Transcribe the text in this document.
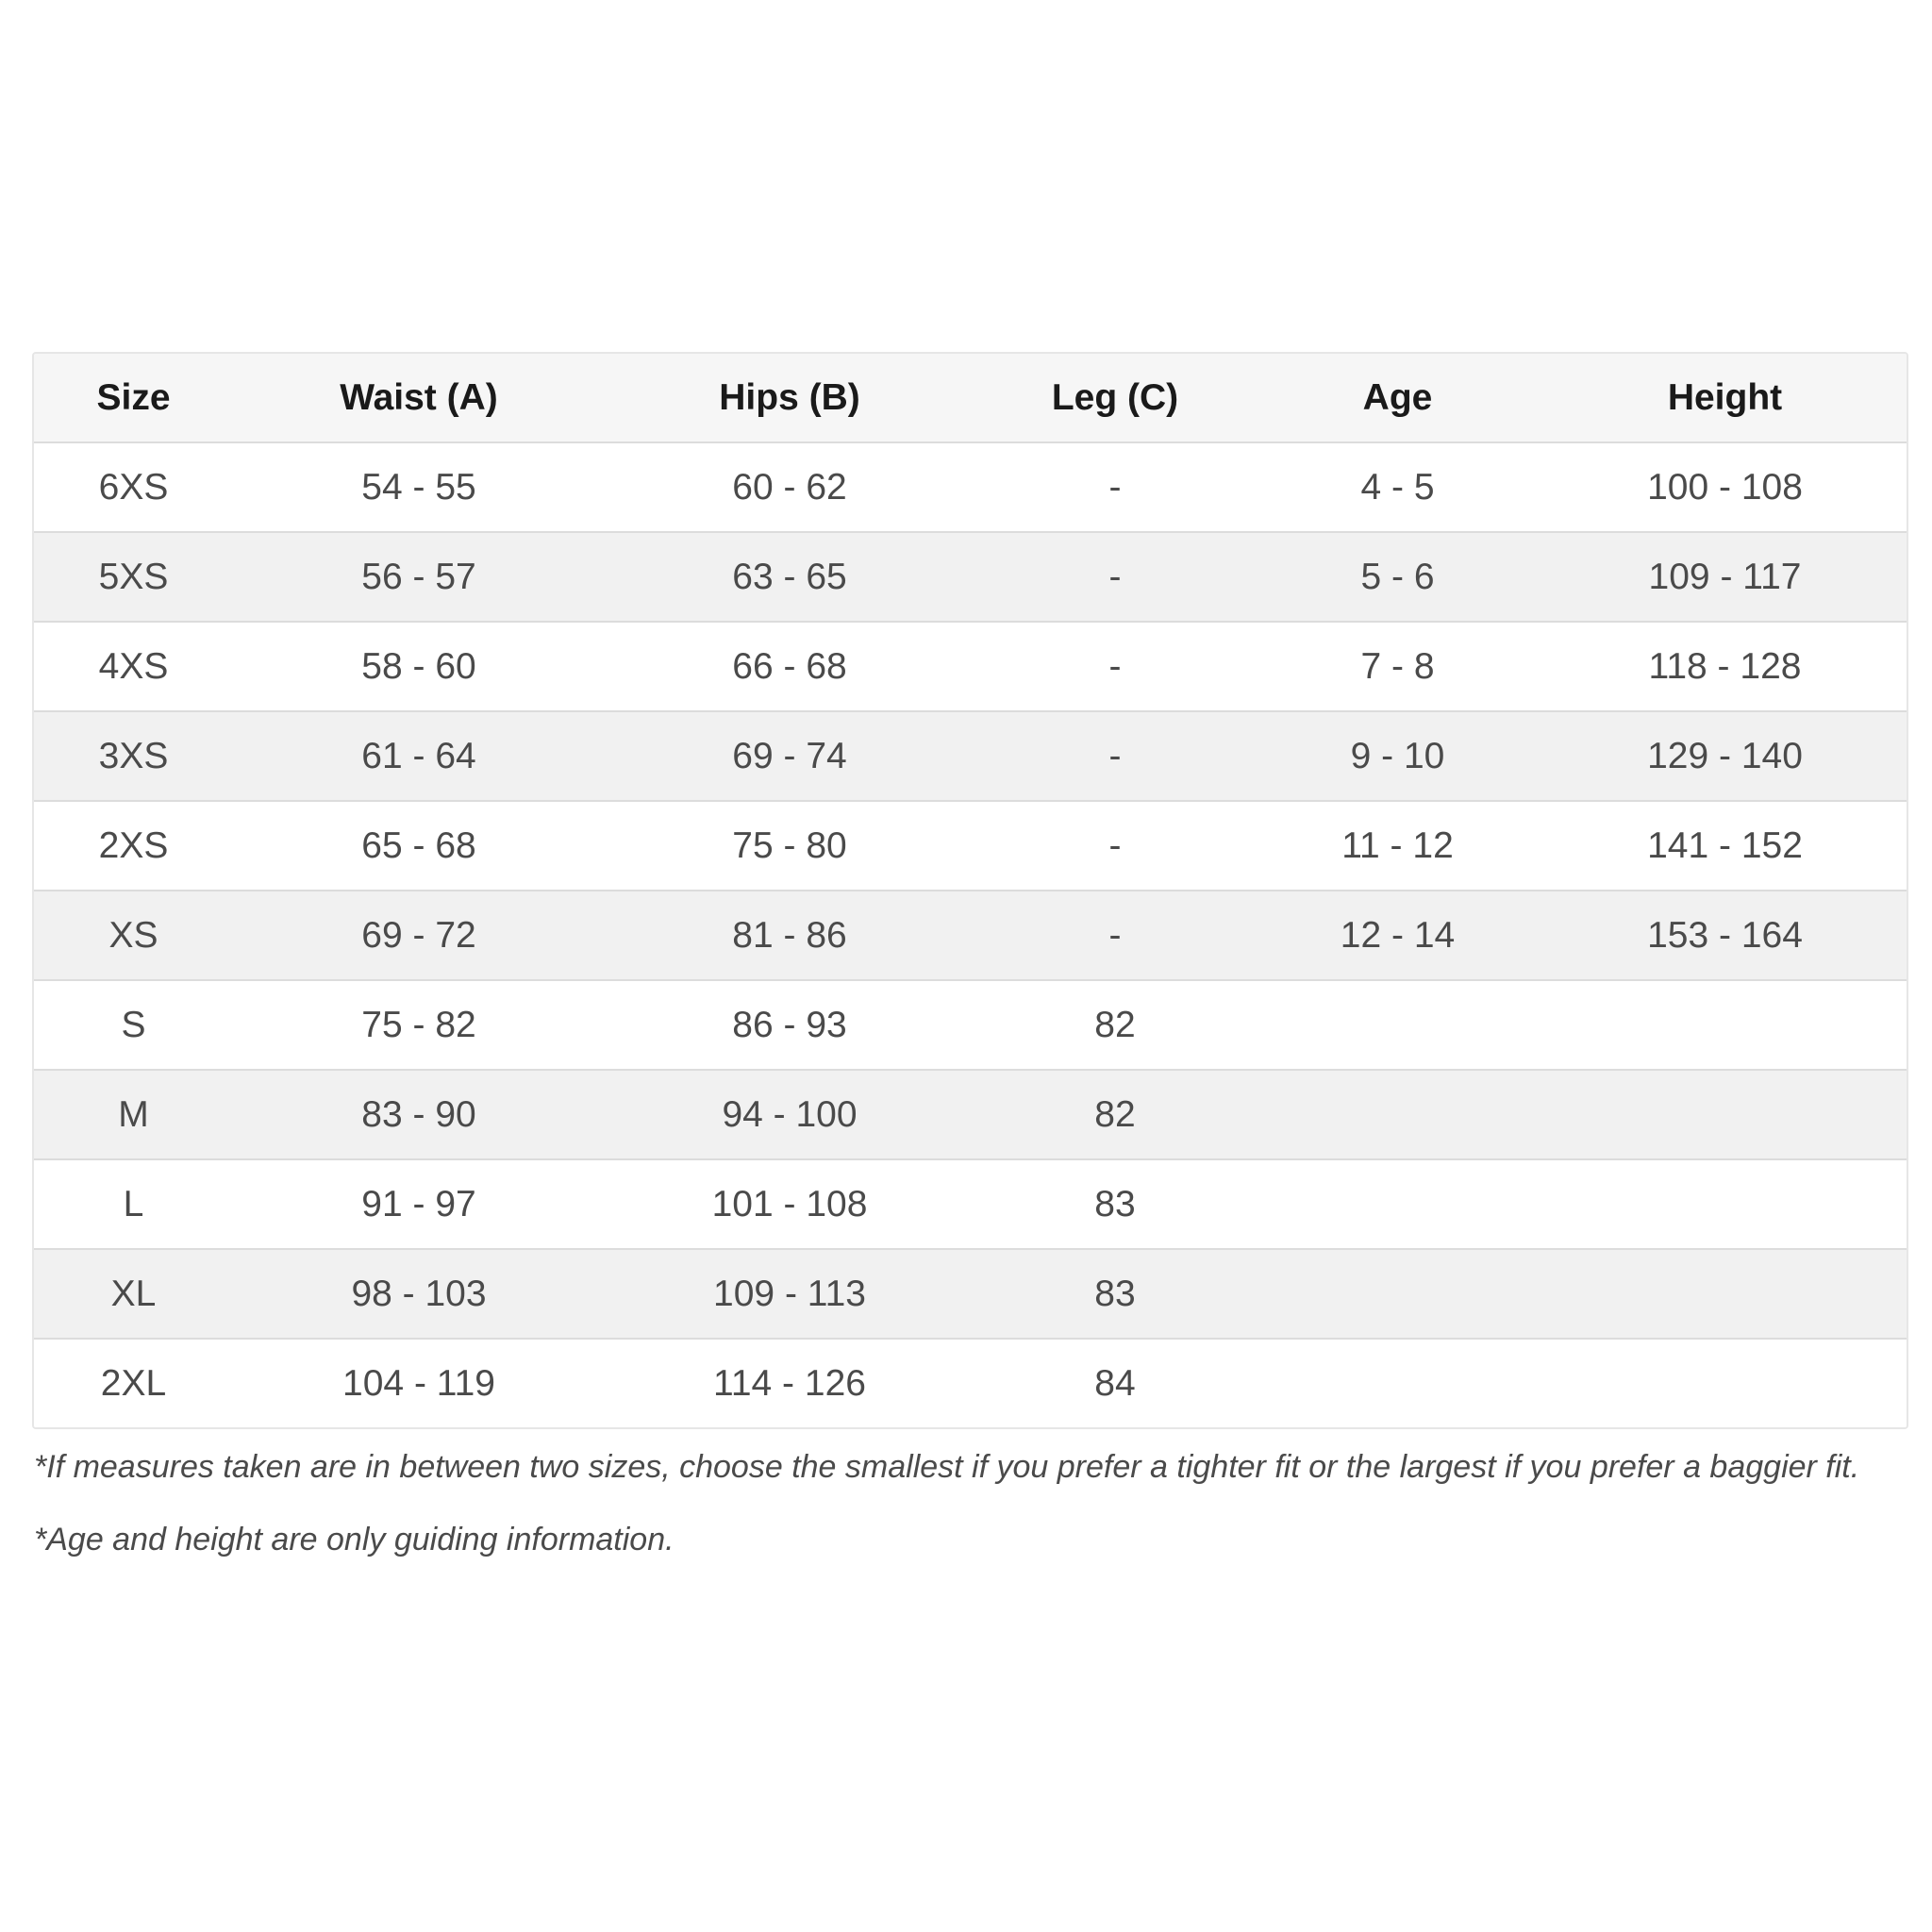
Size	Waist (A)	Hips (B)	Leg (C)	Age	Height
6XS	54 - 55	60 - 62	-	4 - 5	100 - 108
5XS	56 - 57	63 - 65	-	5 - 6	109 - 117
4XS	58 - 60	66 - 68	-	7 - 8	118 - 128
3XS	61 - 64	69 - 74	-	9 - 10	129 - 140
2XS	65 - 68	75 - 80	-	11 - 12	141 - 152
XS	69 - 72	81 - 86	-	12 - 14	153 - 164
S	75 - 82	86 - 93	82		
M	83 - 90	94 - 100	82		
L	91 - 97	101 - 108	83		
XL	98 - 103	109 - 113	83		
2XL	104 - 119	114 - 126	84		

*If measures taken are in between two sizes, choose the smallest if you prefer a tighter fit or the largest if you prefer a baggier fit.

*Age and height are only guiding information.
